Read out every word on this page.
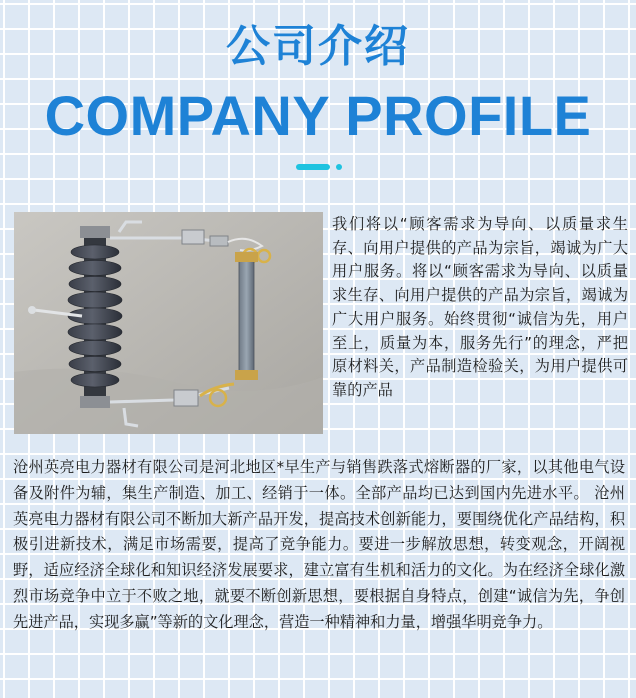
公司介绍
COMPANY PROFILE
我们将以“顾客需求为导向、以质量求生存、向用户提供的产品为宗旨，竭诚为广大用户服务。将以“顾客需求为导向、以质量求生存、向用户提供的产品为宗旨，竭诚为广大用户服务。始终贯彻“诚信为先，用户至上，质量为本，服务先行”的理念，严把原材料关，产品制造检验关，为用户提供可靠的产品
沧州英亮电力器材有限公司是河北地区*早生产与销售跌落式熔断器的厂家，以其他电气设备及附件为辅，集生产制造、加工、经销于一体。全部产品均已达到国内先进水平。 沧州英亮电力器材有限公司不断加大新产品开发，提高技术创新能力，要围绕优化产品结构，积极引进新技术，满足市场需要，提高了竞争能力。要进一步解放思想，转变观念，开阔视野，适应经济全球化和知识经济发展要求，建立富有生机和活力的文化。为在经济全球化激烈市场竞争中立于不败之地，就要不断创新思想，要根据自身特点，创建“诚信为先，争创先进产品，实现多赢”等新的文化理念，营造一种精神和力量，增强华明竞争力。
